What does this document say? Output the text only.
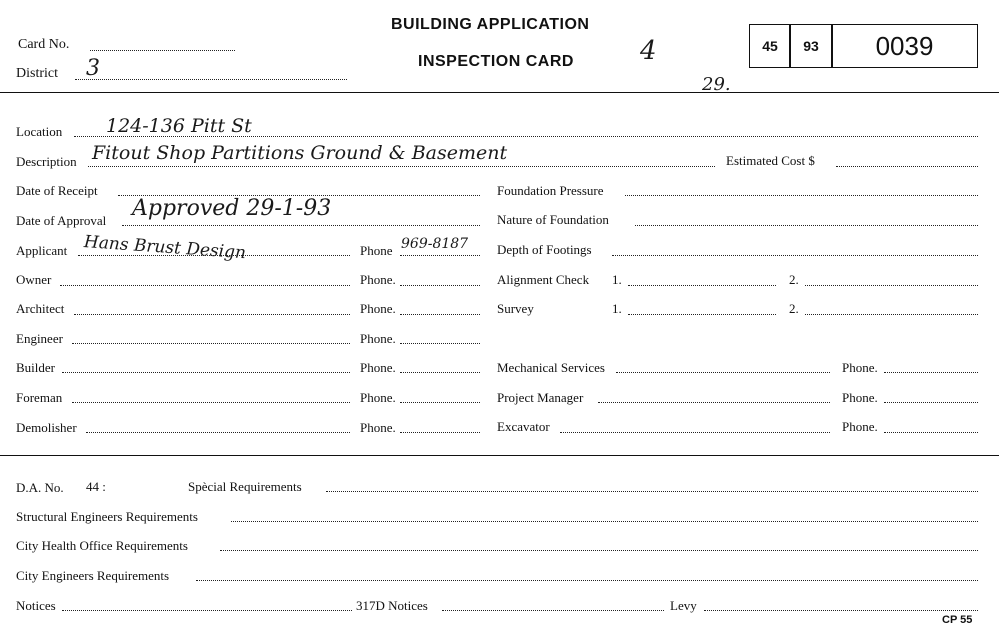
Card No.
District 3
BUILDING APPLICATION
INSPECTION CARD	4
29.
45	93	0039
Location 124-136 Pitt St
Description Fitout Shop Partitions Ground & Basement	Estimated Cost $
Date of Receipt	Foundation Pressure
Date of Approval Approved 29-1-93	Nature of Foundation
Applicant Hans Brust Design	Phone 969-8187 Depth of Footings
Owner	Phone.	Alignment Check 1.	2.
Architect	Phone.	Survey	1.	2.
Engineer	Phone.
Builder	Phone.	Mechanical Services	Phone.
Foreman	Phone.	Project Manager	Phone.
Demolisher	Phone.	Excavator	Phone.
D.A. No. 44 :	Spècial Requirements
Structural Engineers Requirements
City Health Office Requirements
City Engineers Requirements
Notices	317D Notices	Levy
CP 55
